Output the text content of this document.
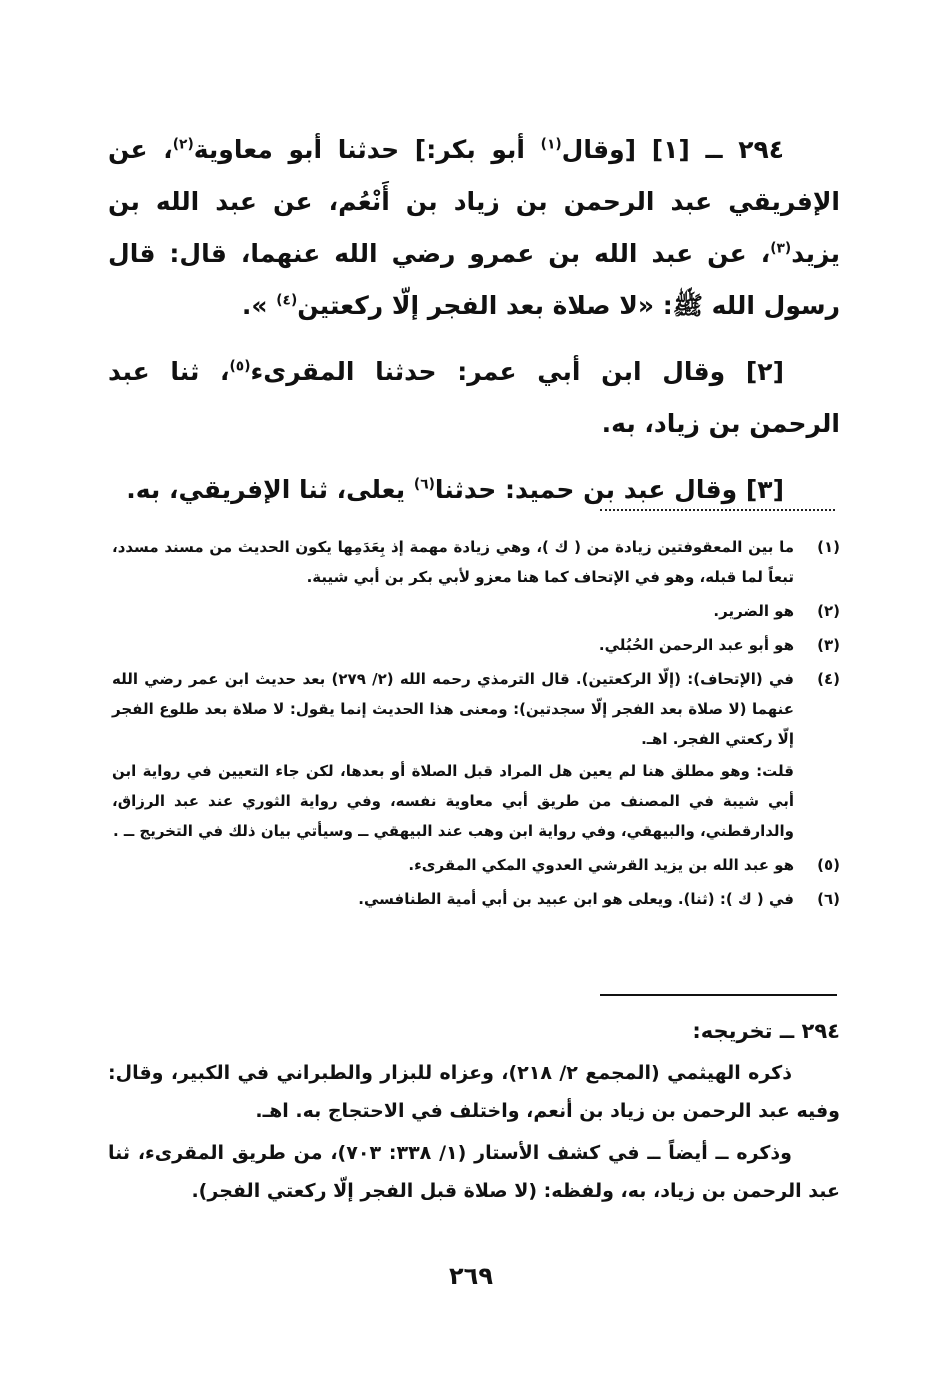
٢٩٤ ــ [١] [وقال$^{(١)}$ أبو بكر:] حدثنا أبو معاوية$^{(٢)}$، عن الإفريقي عبد الرحمن بن زياد بن أَنْعُم، عن عبد الله بن يزيد$^{(٣)}$، عن عبد الله بن عمرو رضي الله عنهما، قال: قال رسول الله ﷺ: «لا صلاة بعد الفجر إلّا ركعتين$^{(٤)}$ ».

[٢] وقال ابن أبي عمر: حدثنا المقرىء$^{(٥)}$، ثنا عبد الرحمن بن زياد، به.

[٣] وقال عبد بن حميد: حدثنا$^{(٦)}$ يعلى، ثنا الإفريقي، به.

(١)
ما بين المعقوفتين زيادة من ( ك )، وهي زيادة مهمة إذ بِعَدَمِها يكون الحديث من مسند مسدد، تبعاً لما قبله، وهو في الإتحاف كما هنا معزو لأبي بكر بن أبي شيبة.
(٢)
هو الضرير.
(٣)
هو أبو عبد الرحمن الحُبُلي.
(٤)
في (الإتحاف): (إلّا الركعتين). قال الترمذي رحمه الله (٢/ ٢٧٩) بعد حديث ابن عمر رضي الله عنهما (لا صلاة بعد الفجر إلّا سجدتين): ومعنى هذا الحديث إنما يقول: لا صلاة بعد طلوع الفجر إلّا ركعتي الفجر. اهـ.
قلت: وهو مطلق هنا لم يعين هل المراد قبل الصلاة أو بعدها، لكن جاء التعيين في رواية ابن أبي شيبة في المصنف من طريق أبي معاوية نفسه، وفي رواية الثوري عند عبد الرزاق، والدارقطني، والبيهقي، وفي رواية ابن وهب عند البيهقي ــ وسيأتي بيان ذلك في التخريج ــ .
(٥)
هو عبد الله بن يزيد القرشي العدوي المكي المقرىء.
(٦)
في ( ك ): (ثنا). ويعلى هو ابن عبيد بن أبي أمية الطنافسي.

٢٩٤ ــ تخريجه:

ذكره الهيثمي (المجمع ٢/ ٢١٨)، وعزاه للبزار والطبراني في الكبير، وقال: وفيه عبد الرحمن بن زياد بن أنعم، واختلف في الاحتجاج به. اهـ.

وذكره ــ أيضاً ــ في كشف الأستار (١/ ٣٣٨: ٧٠٣)، من طريق المقرىء، ثنا عبد الرحمن بن زياد، به، ولفظه: (لا صلاة قبل الفجر إلّا ركعتي الفجر).

٢٦٩
